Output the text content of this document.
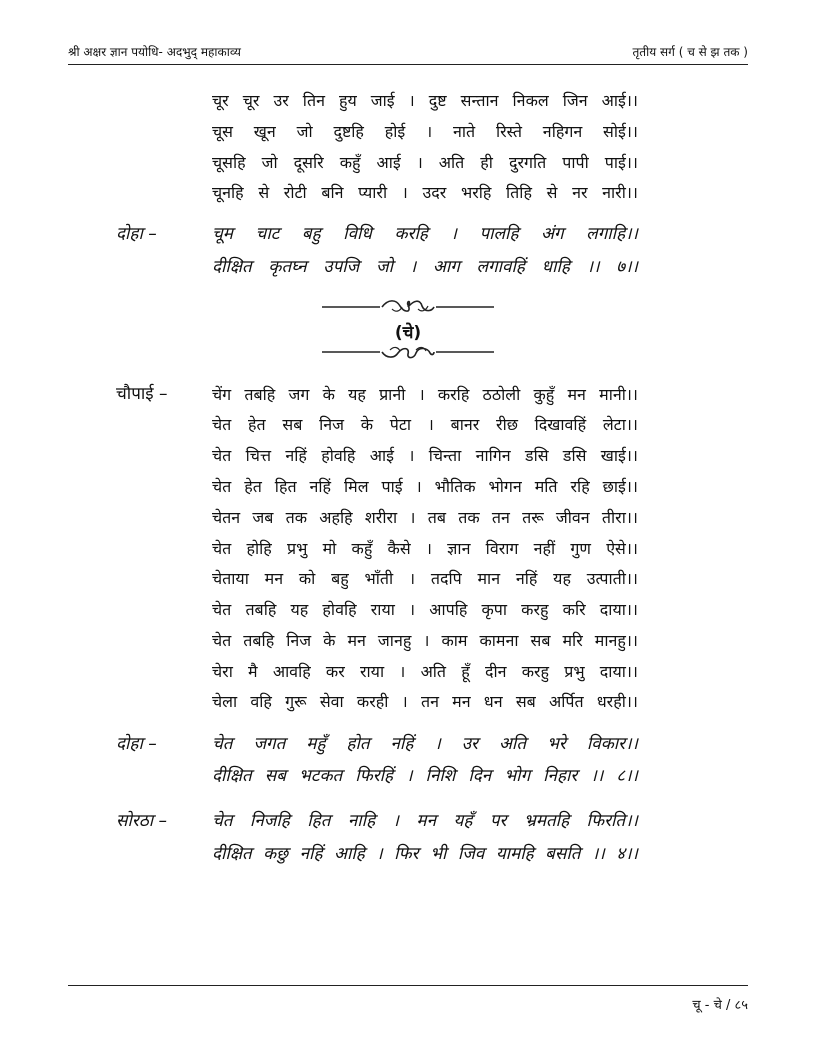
श्री अक्षर ज्ञान पयोधि- अदभुद् महाकाव्य	तृतीय सर्ग ( च से झ तक )
चूर चूर उर तिन हुय जाई । दुष्ट सन्तान निकल जिन आई।।
चूस खून जो दुष्टहि होई । नाते रिस्ते नहिगन सोई।।
चूसहि जो दूसरि कहुँ आई । अति ही दुरगति पापी पाई।।
चूनहि से रोटी बनि प्यारी । उदर भरहि तिहि से नर नारी।।
दोहा –	चूम चाट बहु विधि करहि । पालहि अंग लगाहि।।
दीक्षित कृतघ्न उपजि जो । आग लगावहिं धाहि ।। ७।।
(चे)
चौपाई –	चेंग तबहि जग के यह प्रानी । करहि ठठोली कुहुँ मन मानी।।
चेत हेत सब निज के पेटा । बानर रीछ दिखावहिं लेटा।।
चेत चित्त नहिं होवहि आई । चिन्ता नागिन डसि डसि खाई।।
चेत हेत हित नहिं मिल पाई । भौतिक भोगन मति रहि छाई।।
चेतन जब तक अहहि शरीरा । तब तक तन तरू जीवन तीरा।।
चेत होहि प्रभु मो कहुँ कैसे । ज्ञान विराग नहीं गुण ऐसे।।
चेताया मन को बहु भाँती । तदपि मान नहिं यह उत्पाती।।
चेत तबहि यह होवहि राया । आपहि कृपा करहु करि दाया।।
चेत तबहि निज के मन जानहु । काम कामना सब मरि मानहु।।
चेरा मै आवहि कर राया । अति हूँ दीन करहु प्रभु दाया।।
चेला वहि गुरू सेवा करही । तन मन धन सब अर्पित धरही।।
दोहा –	चेत जगत महुँ होत नहिं । उर अति भरे विकार।।
दीक्षित सब भटकत फिरहिं । निशि दिन भोग निहार ।। ८।।
सोरठा –	चेत निजहि हित नाहि । मन यहँ पर भ्रमतहि फिरति।।
दीक्षित कछु नहिं आहि । फिर भी जिव यामहि बसति ।। ४।।
चू - चे / ८५
